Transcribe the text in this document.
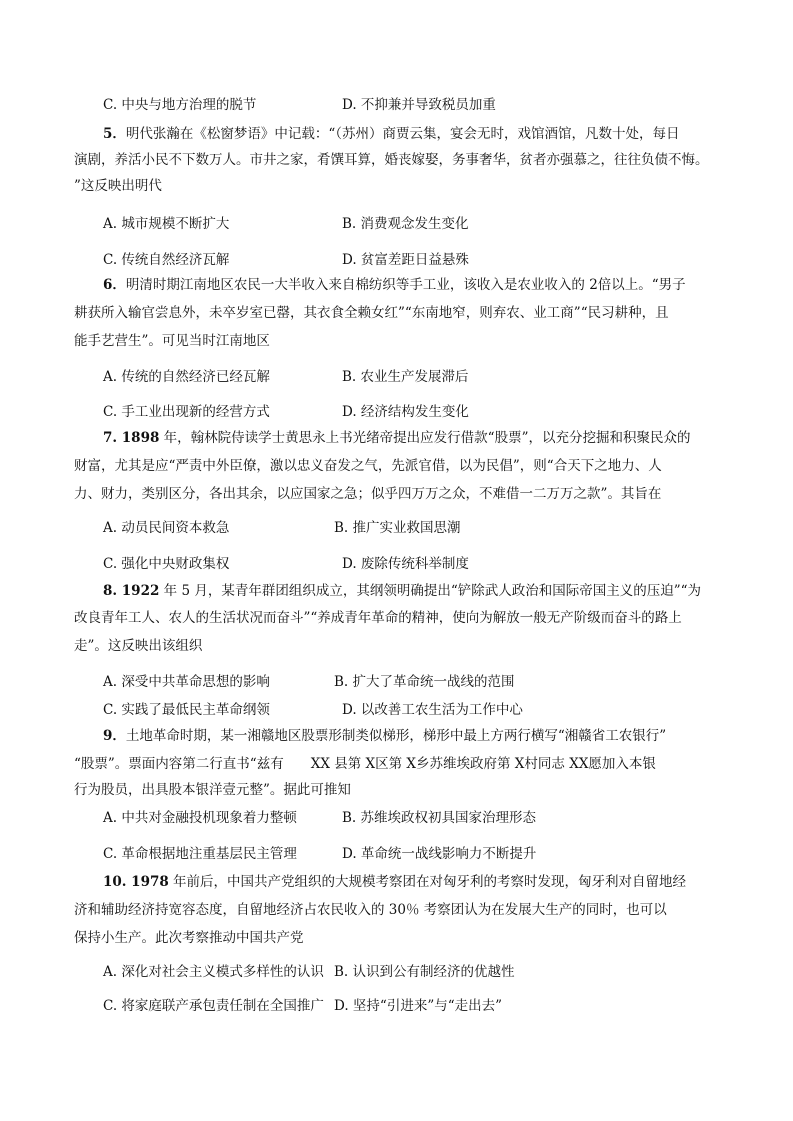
C. 中央与地方治理的脱节	D. 不抑兼并导致税员加重
5．明代张瀚在《松窗梦语》中记载：“（苏州）商贾云集，宴会无时，戏馆酒馆，凡数十处，每日
演剧，养活小民不下数万人。市井之家，肴馔耳算，婚丧嫁娶，务事奢华，贫者亦强慕之，往往负债不悔。
”这反映出明代
A. 城市规模不断扩大	B. 消费观念发生变化
C. 传统自然经济瓦解	D. 贫富差距日益悬殊
6．明清时期江南地区农民一大半收入来自棉纺织等手工业，该收入是农业收入的 2倍以上。“男子
耕获所入输官尝息外，未卒岁室已罄，其衣食全赖女红”“东南地窄，则弃农、业工商”“民习耕种，且
能手艺营生”。可见当时江南地区
A. 传统的自然经济已经瓦解	B. 农业生产发展滞后
C. 手工业出现新的经营方式	D. 经济结构发生变化
7. 1898 年，翰林院侍读学士黄思永上书光绪帝提出应发行借款“股票”，以充分挖掘和积聚民众的
财富，尤其是应“严责中外臣僚，激以忠义奋发之气，先派官借，以为民倡”，则“合天下之地力、人
力、财力，类别区分，各出其余，以应国家之急；似乎四万万之众，不难借一二万万之款”。其旨在
A. 动员民间资本救急	B. 推广实业救国思潮
C. 强化中央财政集权	D. 废除传统科举制度
8. 1922 年 5 月，某青年群团组织成立，其纲领明确提出“铲除武人政治和国际帝国主义的压迫”“为
改良青年工人、农人的生活状况而奋斗”“养成青年革命的精神，使向为解放一般无产阶级而奋斗的路上
走”。这反映出该组织
A. 深受中共革命思想的影响	B. 扩大了革命统一战线的范围
C. 实践了最低民主革命纲领	D. 以改善工农生活为工作中心
9．土地革命时期，某一湘赣地区股票形制类似梯形，梯形中最上方两行横写“湘赣省工农银行”
“股票”。票面内容第二行直书“兹有　　XX 县第 X区第 X乡苏维埃政府第 X村同志 XX愿加入本银
行为股员，出具股本银洋壹元整”。据此可推知
A. 中共对金融投机现象着力整顿	B. 苏维埃政权初具国家治理形态
C. 革命根据地注重基层民主管理	D. 革命统一战线影响力不断提升
10. 1978 年前后，中国共产党组织的大规模考察团在对匈牙利的考察时发现，匈牙利对自留地经
济和辅助经济持宽容态度，自留地经济占农民收入的 30％ 考察团认为在发展大生产的同时，也可以
保持小生产。此次考察推动中国共产党
A. 深化对社会主义模式多样性的认识 B. 认识到公有制经济的优越性
C. 将家庭联产承包责任制在全国推广 D. 坚持“引进来”与“走出去”
